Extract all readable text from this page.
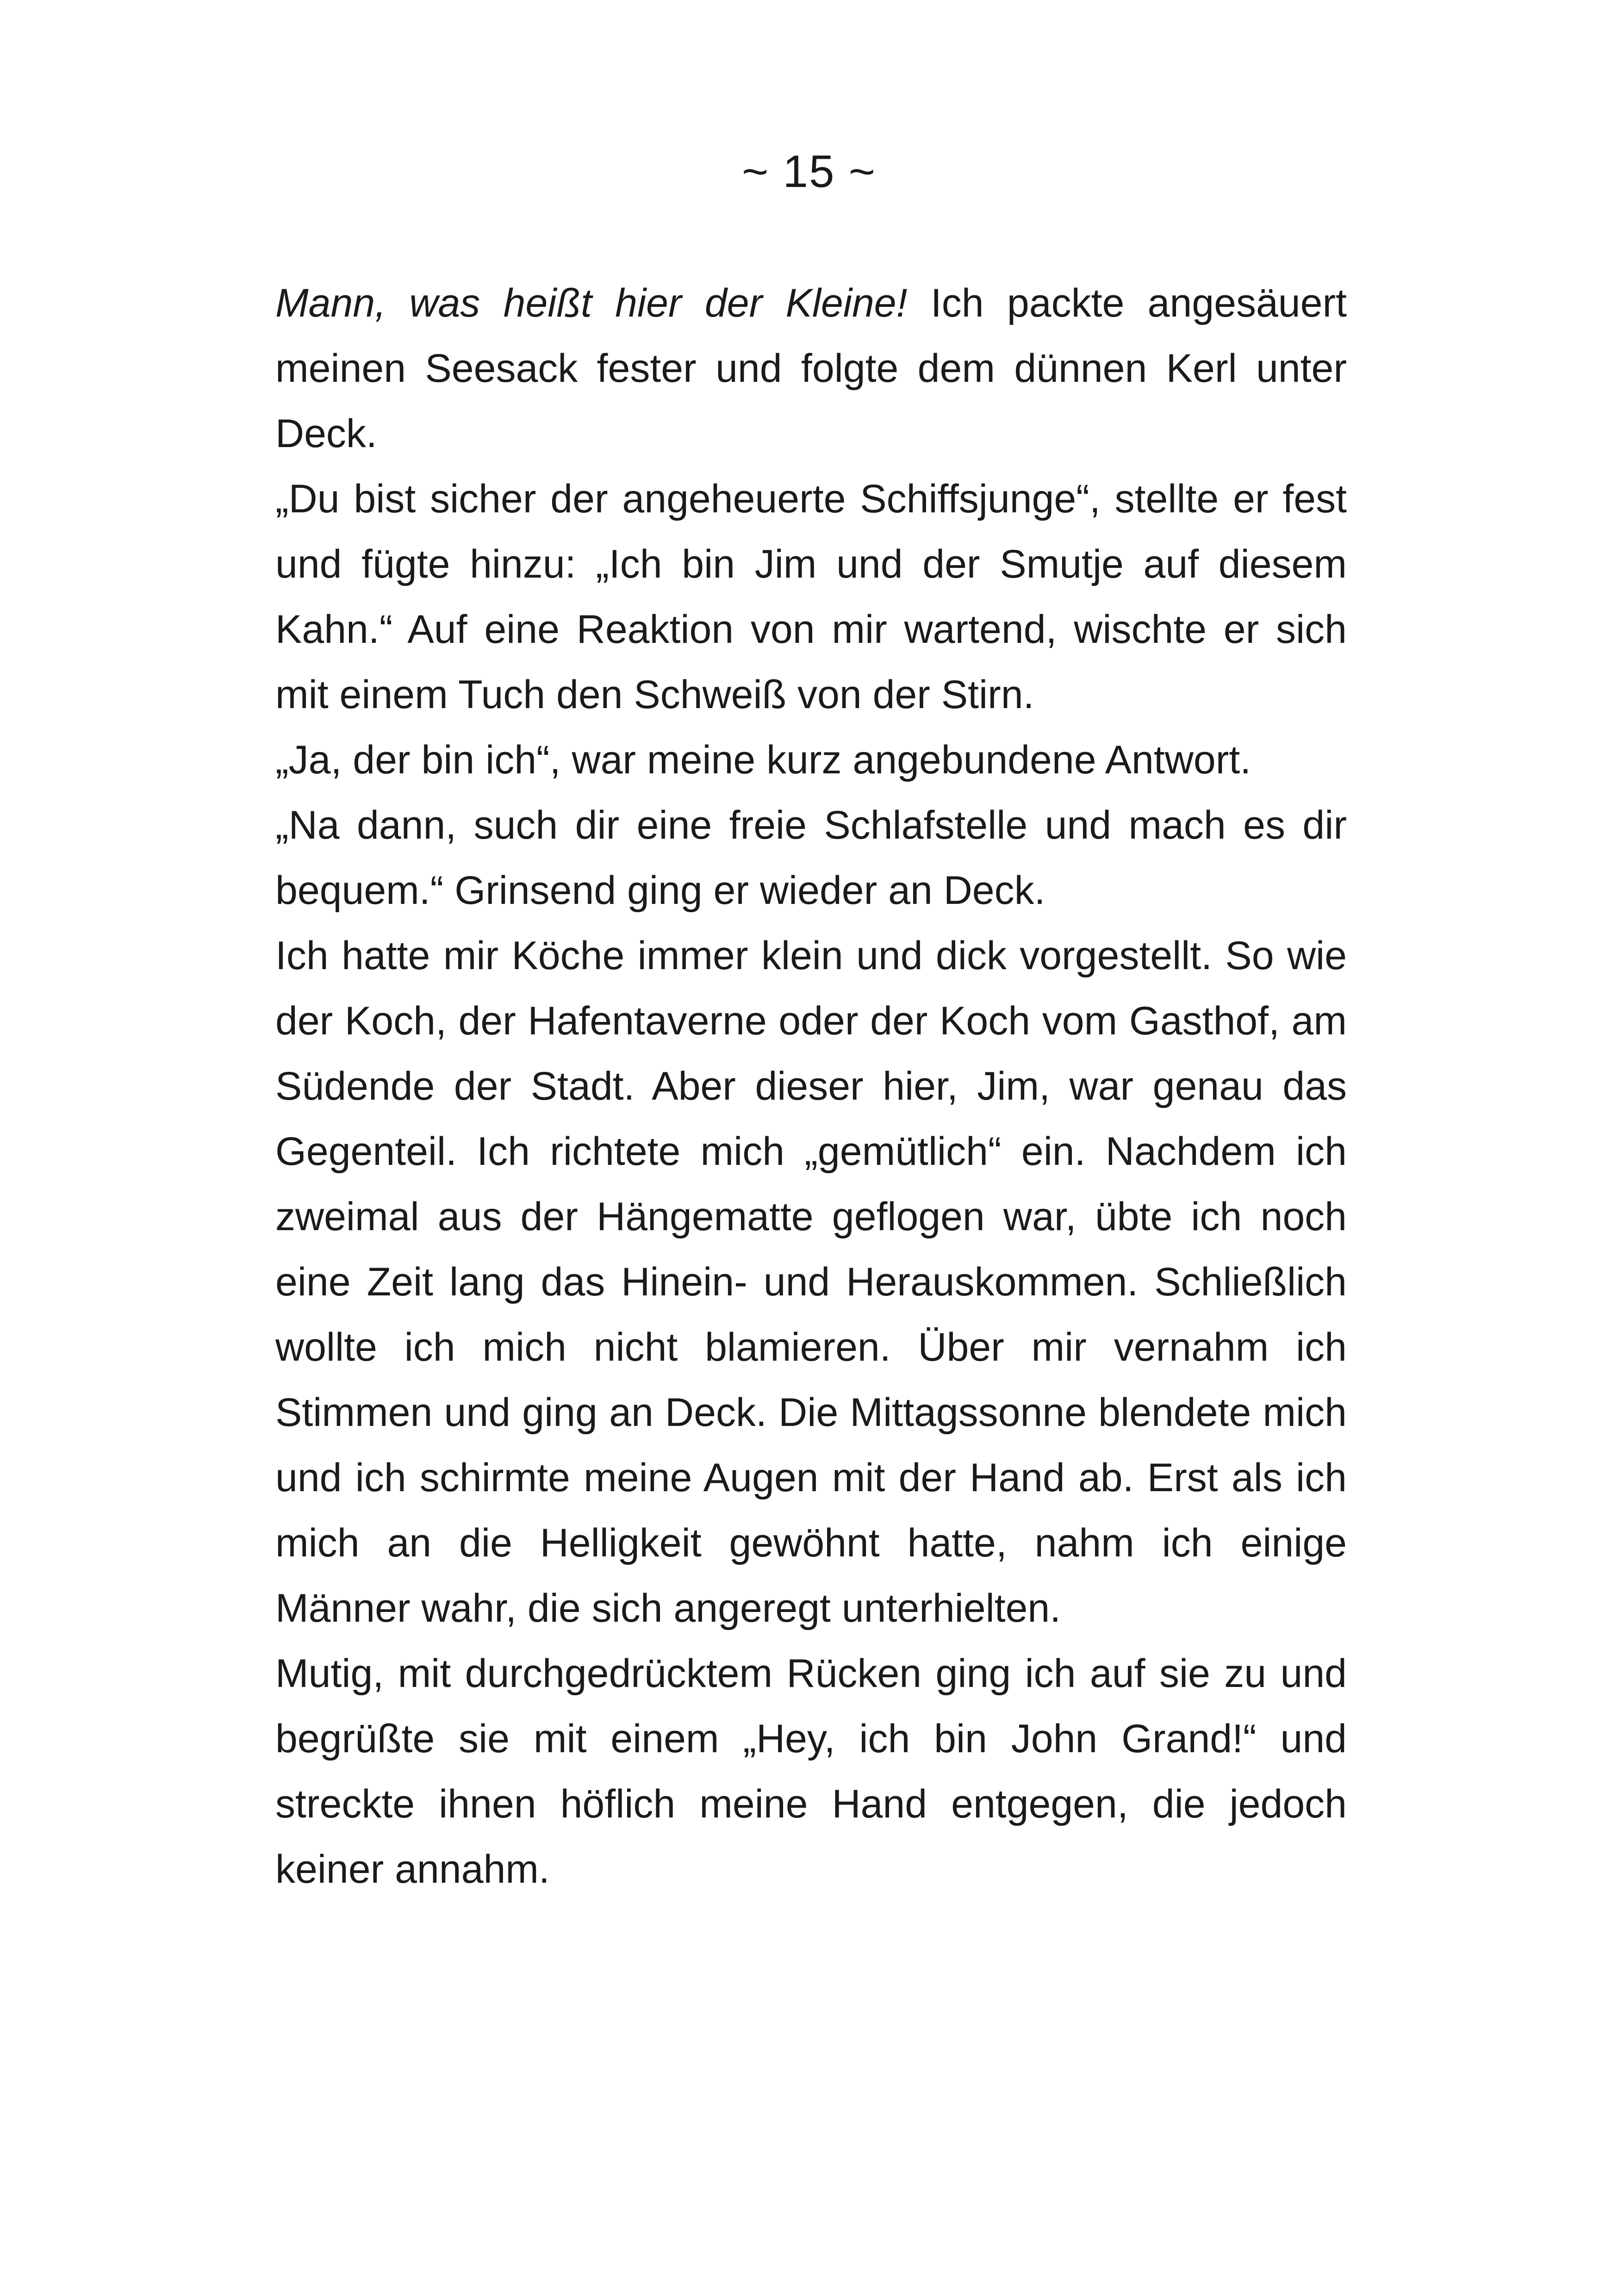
~ 15 ~

Mann, was heißt hier der Kleine! Ich packte angesäuert meinen Seesack fester und folgte dem dünnen Kerl unter Deck.

„Du bist sicher der angeheuerte Schiffsjunge“, stellte er fest und fügte hinzu: „Ich bin Jim und der Smutje auf diesem Kahn.“ Auf eine Reaktion von mir wartend, wischte er sich mit einem Tuch den Schweiß von der Stirn.

„Ja, der bin ich“, war meine kurz angebundene Antwort.

„Na dann, such dir eine freie Schlafstelle und mach es dir bequem.“ Grinsend ging er wieder an Deck.

Ich hatte mir Köche immer klein und dick vorgestellt. So wie der Koch, der Hafentaverne oder der Koch vom Gasthof, am Südende der Stadt. Aber dieser hier, Jim, war genau das Gegenteil. Ich richtete mich „gemütlich“ ein. Nachdem ich zweimal aus der Hängematte geflogen war, übte ich noch eine Zeit lang das Hinein- und Herauskommen. Schließlich wollte ich mich nicht blamieren. Über mir vernahm ich Stimmen und ging an Deck. Die Mittagssonne blendete mich und ich schirmte meine Augen mit der Hand ab. Erst als ich mich an die Helligkeit gewöhnt hatte, nahm ich einige Männer wahr, die sich angeregt unterhielten.

Mutig, mit durchgedrücktem Rücken ging ich auf sie zu und begrüßte sie mit einem „Hey, ich bin John Grand!“ und streckte ihnen höflich meine Hand entgegen, die jedoch keiner annahm.
